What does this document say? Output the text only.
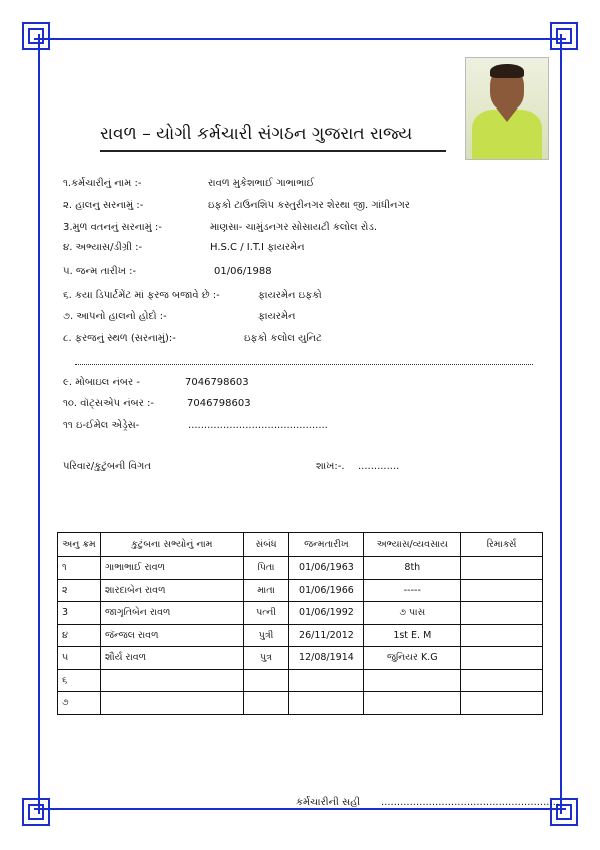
રાવળ – યોગી કર્મચારી સંગઠન ગુજરાત રાજ્ય
૧.કર્મચારીનું નામ :-	રાવળ મુકેશભાઈ ગાભાભાઈ
૨. હાલનુ સરનામું :-	ઇફકો ટાઉનશિપ કસ્તુરીનગર શેરથા જી. ગાંધીનગર
3.મુળ વતનનું સરનામું :-	માણસા- ચામુંડનગર સોસાયટી કલોલ રોડ.
૪. અભ્યાસ/ડીગ્રી :-	H.S.C / I.T.I ફાયરમેન
૫. જન્મ તારીખ :-	01/06/1988
૬. કયા ડિપાર્ટમેંટ માં ફરજ બજાવે છે :-	ફાયરમેન ઇફકો
૭. આપનો હાલનો હોદો :-	ફાયરમેન
૮. ફરજનું સ્થળ (સરનામું):-	ઇફકો કલોલ યુનિટ
૯. મોબાઇલ નંબર -	7046798603
૧૦. વૉટ્સએપ નંબર :-	7046798603
૧૧ ઇ-ઈમેલ એડ્રેસ-	............................................
પરિવાર/કુટુંબની વિગત	શાખ:-. .............
અનુ ક્રમ	કુટુંબના સભ્યોનું નામ	સંબંધ	જન્મતારીખ	અભ્યાસ/વ્યવસાય	રિમાર્ક્સ
૧	ગાભાભાઈ રાવળ	પિતા	01/06/1963	8th	
૨	શારદાબેન રાવળ	માતા	01/06/1966	-----	
3	જાગૃતિબેન રાવળ	પત્ની	01/06/1992	૭ પાસ	
૪	જૅન્જલ રાવળ	પુત્રી	26/11/2012	1st E. M	
૫	શૌર્ય રાવળ	પુત્ર	12/08/1914	જુનિયર K.G	
૬					
૭					
કર્મચારીની સહી ........................................................
